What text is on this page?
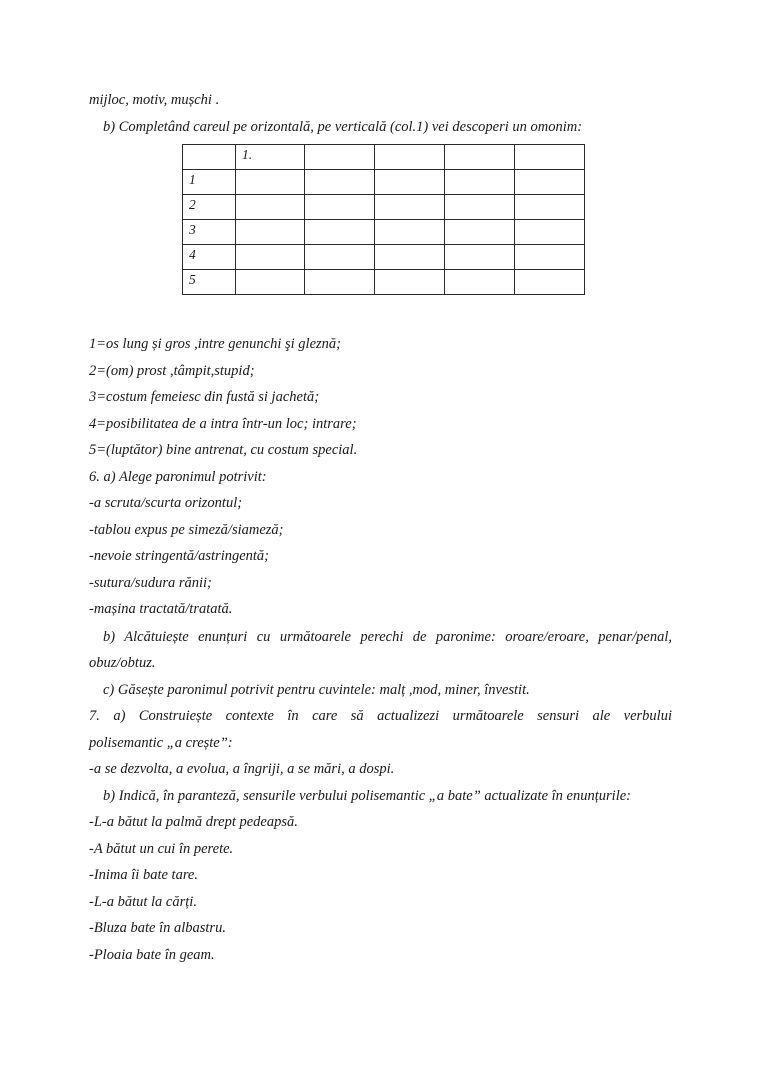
mijloc, motiv, mușchi .
b) Completând careul pe orizontală, pe verticală (col.1) vei descoperi un omonim:
	1.				
1					
2					
3					
4					
5					
1=os lung și gros ,intre genunchi şi gleznă;
2=(om) prost ,tâmpit,stupid;
3=costum femeiesc din fustă si jachetă;
4=posibilitatea de a intra într-un loc; intrare;
5=(luptător) bine antrenat, cu costum special.
6. a) Alege paronimul potrivit:
-a scruta/scurta orizontul;
-tablou expus pe simeză/siameză;
-nevoie stringentă/astringentă;
-sutura/sudura rănii;
-mașina tractată/tratată.
b) Alcătuiește enunțuri cu următoarele perechi de paronime: oroare/eroare, penar/penal,
obuz/obtuz.
c) Găsește paronimul potrivit pentru cuvintele: malț ,mod, miner, învestit.
7. a) Construiește contexte în care să actualizezi următoarele sensuri ale verbului
polisemantic „a crește”:
-a se dezvolta, a evolua, a îngriji, a se mări, a dospi.
b) Indică, în paranteză, sensurile verbului polisemantic „a bate” actualizate în enunțurile:
-L-a bătut la palmă drept pedeapsă.
-A bătut un cui în perete.
-Inima îi bate tare.
-L-a bătut la cărți.
-Bluza bate în albastru.
-Ploaia bate în geam.
